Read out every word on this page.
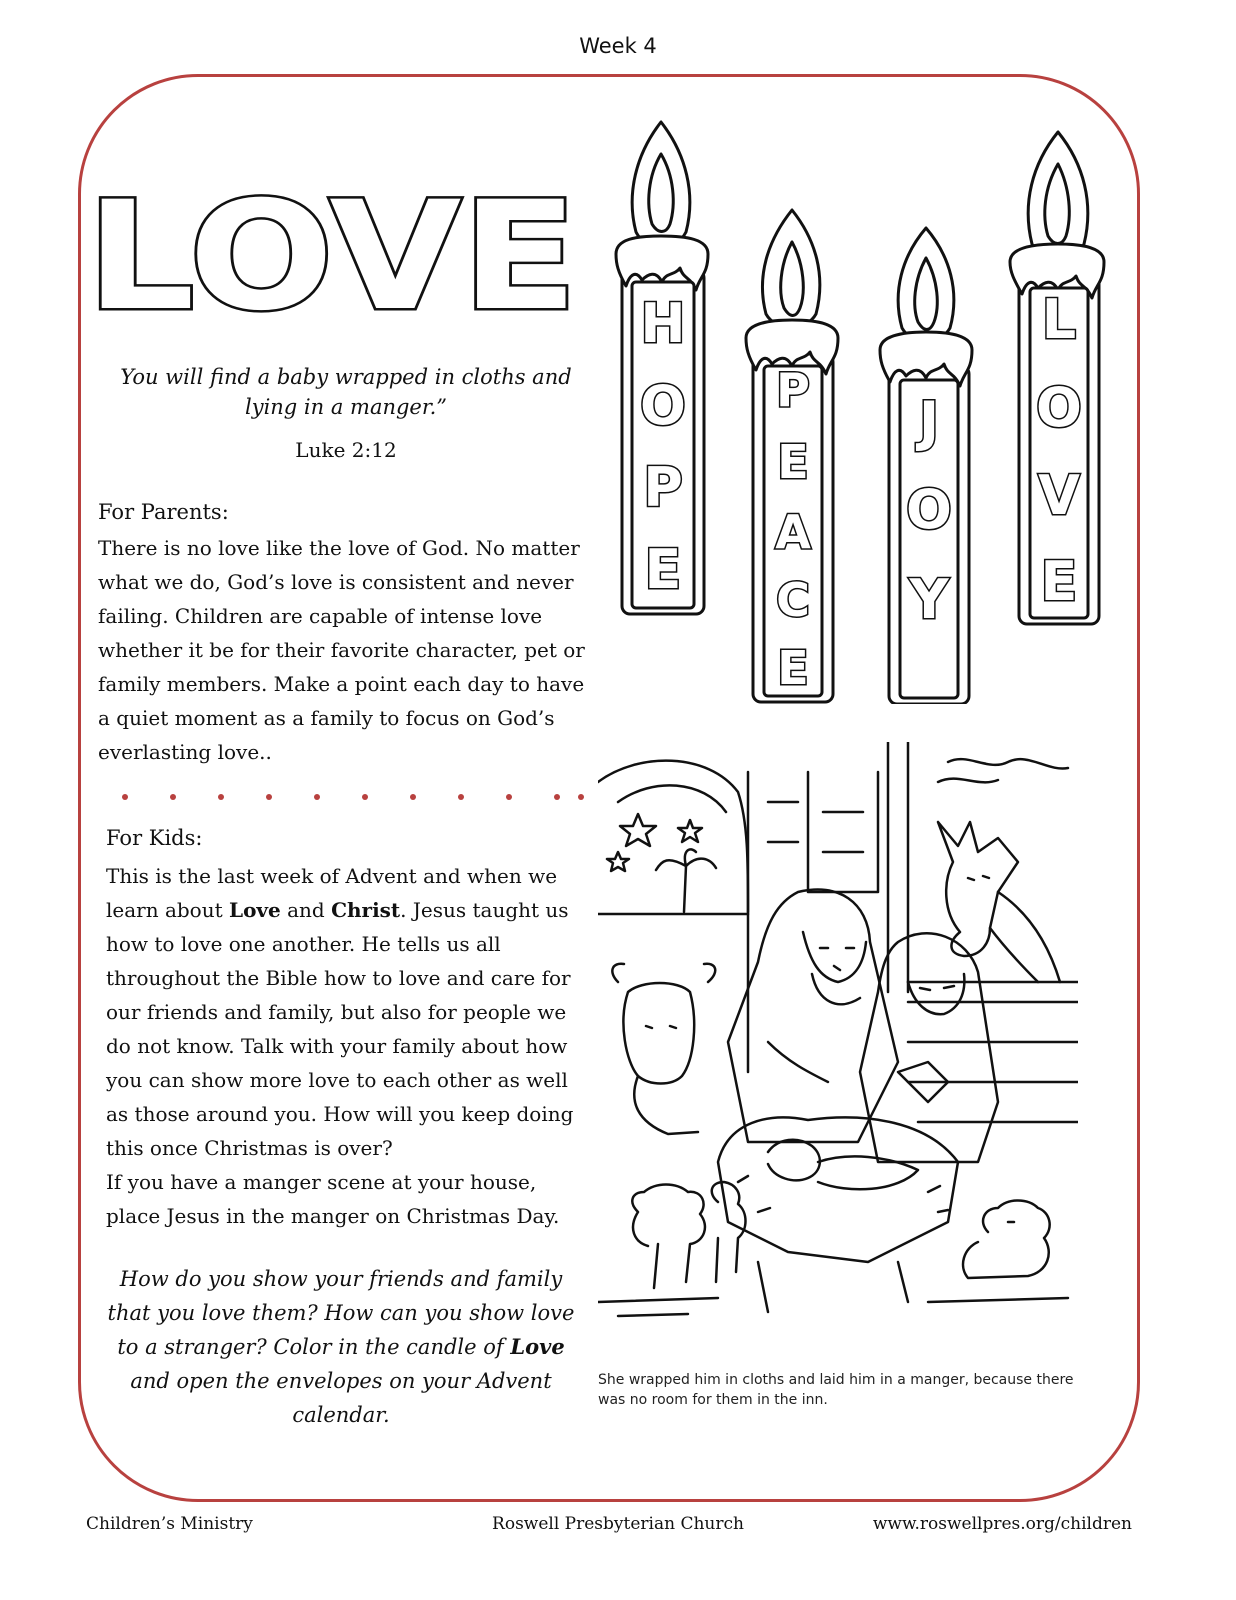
Week 4
LOVE
You will find a baby wrapped in cloths and lying in a manger.”
Luke 2:12
For Parents:
There is no love like the love of God. No matter what we do, God’s love is consistent and never failing. Children are capable of intense love whether it be for their favorite character, pet or family members. Make a point each day to have a quiet moment as a family to focus on God’s everlasting love..
For Kids:
This is the last week of Advent and when we learn about Love and Christ. Jesus taught us how to love one another. He tells us all throughout the Bible how to love and care for our friends and family, but also for people we do not know. Talk with your family about how you can show more love to each other as well as those around you. How will you keep doing this once Christmas is over?
If you have a manger scene at your house, place Jesus in the manger on Christmas Day.
How do you show your friends and family that you love them? How can you show love to a stranger? Color in the candle of Love and open the envelopes on your Advent calendar.
H
O
P
E
P
E
A
C
E
J
O
Y
L
O
V
E
She wrapped him in cloths and laid him in a manger, because there was no room for them in the inn.
Children’s Ministry	Roswell Presbyterian Church	www.roswellpres.org/children
